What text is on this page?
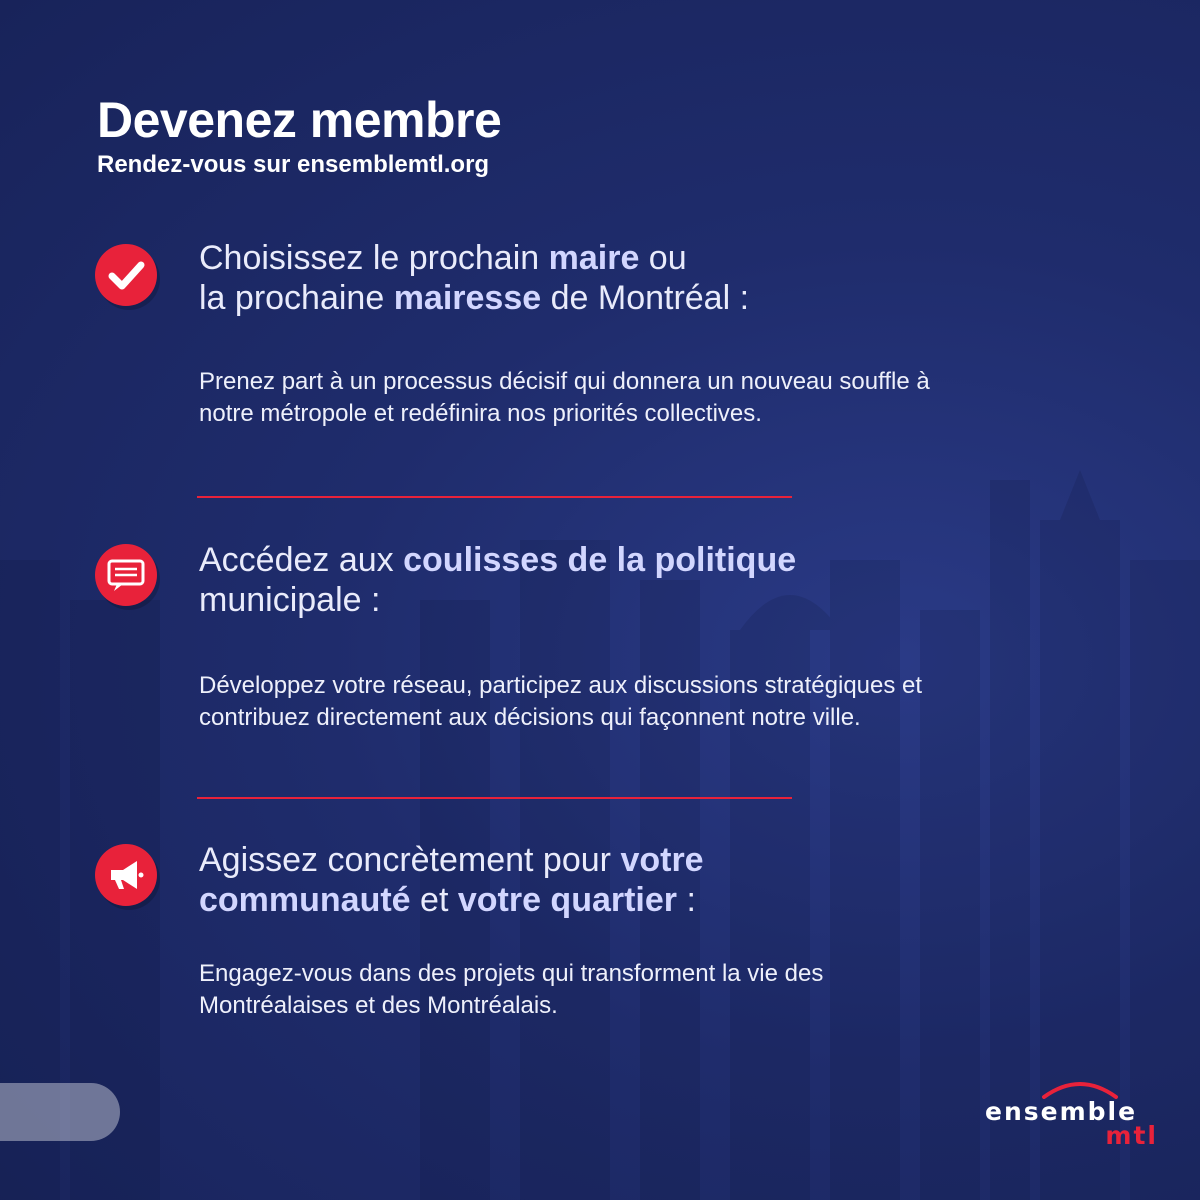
Devenez membre
Rendez-vous sur ensemblemtl.org
Choisissez le prochain maire ou
la prochaine mairesse de Montréal :
Prenez part à un processus décisif qui donnera un nouveau souffle à notre métropole et redéfinira nos priorités collectives.
Accédez aux coulisses de la politique
municipale :
Développez votre réseau, participez aux discussions stratégiques et contribuez directement aux décisions qui façonnent notre ville.
Agissez concrètement pour votre
communauté et votre quartier :
Engagez-vous dans des projets qui transforment la vie des Montréalaises et des Montréalais.
ensemble
mtl
